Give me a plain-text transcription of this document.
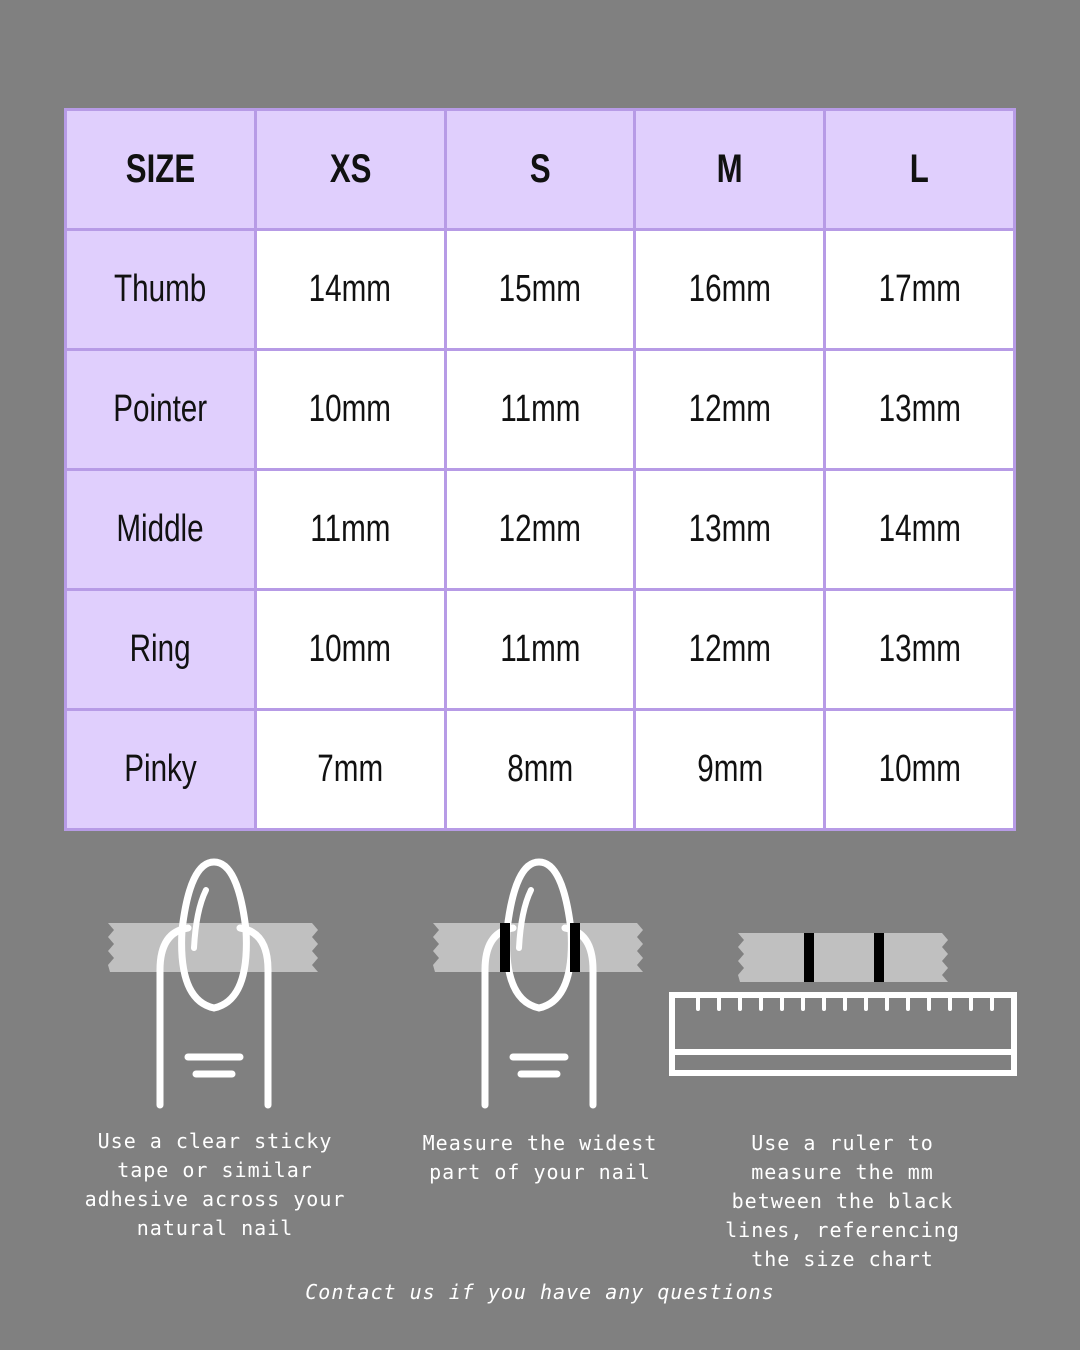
SIZE	XS	S	M	L
Thumb	14mm	15mm	16mm	17mm
Pointer	10mm	11mm	12mm	13mm
Middle	11mm	12mm	13mm	14mm
Ring	10mm	11mm	12mm	13mm
Pinky	7mm	8mm	9mm	10mm
Use a clear sticky
tape or similar
adhesive across your
natural nail
Measure the widest
part of your nail
Use a ruler to
measure the mm
between the black
lines, referencing
the size chart
Contact us if you have any questions
